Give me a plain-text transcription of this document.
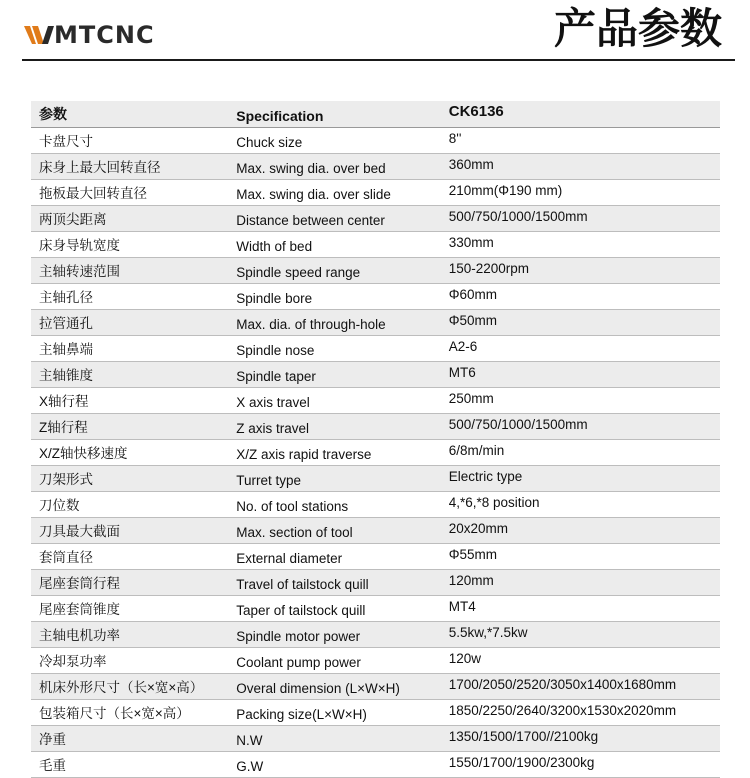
MTCNC	产品参数
参数	Specification	CK6136
卡盘尺寸	Chuck size	8''
床身上最大回转直径	Max. swing dia. over bed	360mm
拖板最大回转直径	Max. swing dia. over slide	210mm(Φ190 mm)
两顶尖距离	Distance between center	500/750/1000/1500mm
床身导轨宽度	Width of bed	330mm
主轴转速范围	Spindle speed range	150-2200rpm
主轴孔径	Spindle bore	Φ60mm
拉管通孔	Max. dia. of through-hole	Φ50mm
主轴鼻端	Spindle nose	A2-6
主轴锥度	Spindle taper	MT6
X轴行程	X axis travel	250mm
Z轴行程	Z axis travel	500/750/1000/1500mm
X/Z轴快移速度	X/Z axis rapid traverse	6/8m/min
刀架形式	Turret type	Electric type
刀位数	No. of tool stations	4,*6,*8 position
刀具最大截面	Max. section of tool	20x20mm
套筒直径	External diameter	Φ55mm
尾座套筒行程	Travel of tailstock quill	120mm
尾座套筒锥度	Taper of tailstock quill	MT4
主轴电机功率	Spindle motor power	5.5kw,*7.5kw
冷却泵功率	Coolant pump power	120w
机床外形尺寸（长×宽×高）	Overal dimension (L×W×H)	1700/2050/2520/3050x1400x1680mm
包装箱尺寸（长×宽×高）	Packing size(L×W×H)	1850/2250/2640/3200x1530x2020mm
净重	N.W	1350/1500/1700//2100kg
毛重	G.W	1550/1700/1900/2300kg
